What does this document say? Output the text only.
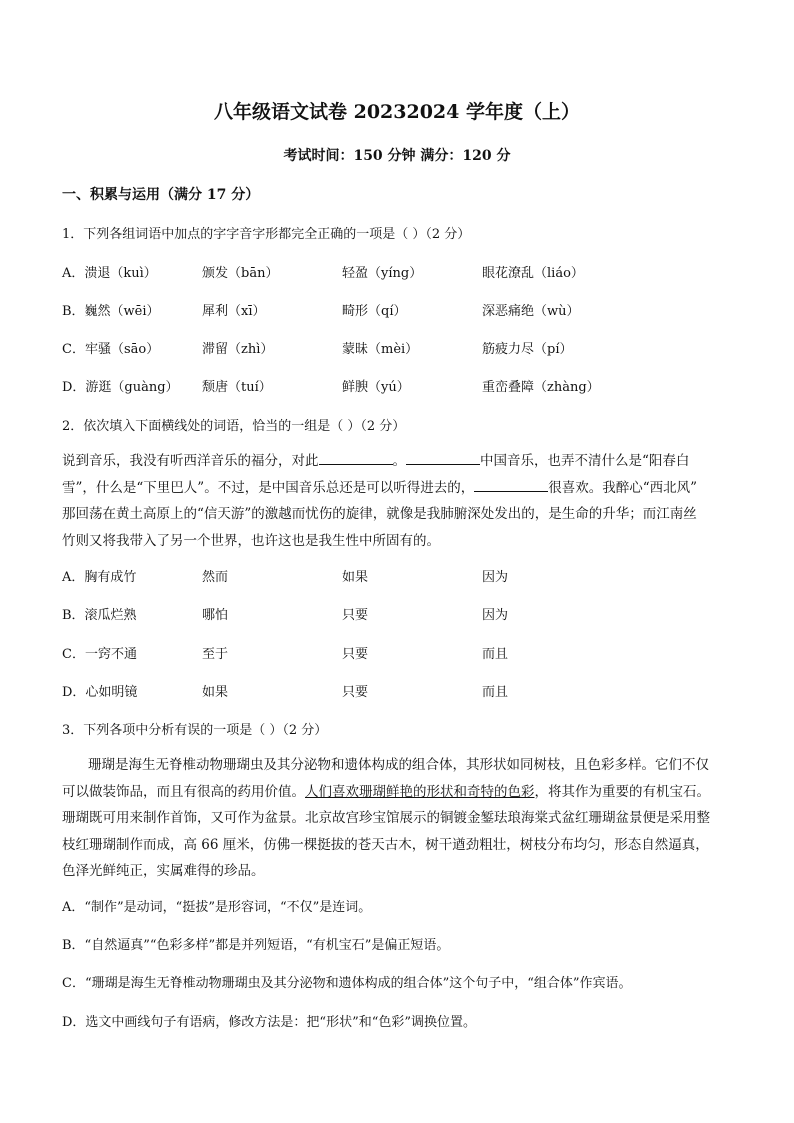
八年级语文试卷 20232024 学年度（上）
考试时间：150 分钟 满分：120 分
一、积累与运用（满分 17 分）
1．下列各组词语中加点的字字音字形都完全正确的一项是（ ）（2 分）
A．溃退（kuì）	颁发（bān）	轻盈（yíng）	眼花潦乱（liáo）
B．巍然（wēi）	犀利（xī）	畸形（qí）	深恶痛绝（wù）
C．牢骚（sāo）	滞留（zhì）	蒙昧（mèi）	筋疲力尽（pí）
D．游逛（guàng） 颓唐（tuí）	鲜腴（yú）	重峦叠障（zhàng）
2．依次填入下面横线处的词语，恰当的一组是（ ）（2 分）

说到音乐，我没有听西洋音乐的福分，对此	。	中国音乐，也弄不清什么是“阳春白

雪”，什么是“下里巴人”。不过，是中国音乐总还是可以听得进去的，	很喜欢。我醉心“西北风”

那回荡在黄土高原上的“信天游”的激越而忧伤的旋律，就像是我肺腑深处发出的，是生命的升华；而江南丝

竹则又将我带入了另一个世界，也许这也是我生性中所固有的。

A．胸有成竹	然而	如果	因为
B．滚瓜烂熟	哪怕	只要	因为
C．一窍不通	至于	只要	而且
D．心如明镜	如果	只要	而且
3．下列各项中分析有误的一项是（ ）（2 分）

珊瑚是海生无脊椎动物珊瑚虫及其分泌物和遗体构成的组合体，其形状如同树枝，且色彩多样。它们不仅

可以做装饰品，而且有很高的药用价值。人们喜欢珊瑚鲜艳的形状和奇特的色彩，将其作为重要的有机宝石。

珊瑚既可用来制作首饰，又可作为盆景。北京故宫珍宝馆展示的铜镀金錾珐琅海棠式盆红珊瑚盆景便是采用整

枝红珊瑚制作而成，高 66 厘米，仿佛一棵挺拔的苍天古木，树干遒劲粗壮，树枝分布均匀，形态自然逼真，

色泽光鲜纯正，实属难得的珍品。

A．“制作”是动词，“挺拔”是形容词，“不仅”是连词。
B．“自然逼真”“色彩多样”都是并列短语，“有机宝石”是偏正短语。
C．“珊瑚是海生无脊椎动物珊瑚虫及其分泌物和遗体构成的组合体”这个句子中，“组合体”作宾语。
D．选文中画线句子有语病，修改方法是：把“形状”和“色彩”调换位置。
